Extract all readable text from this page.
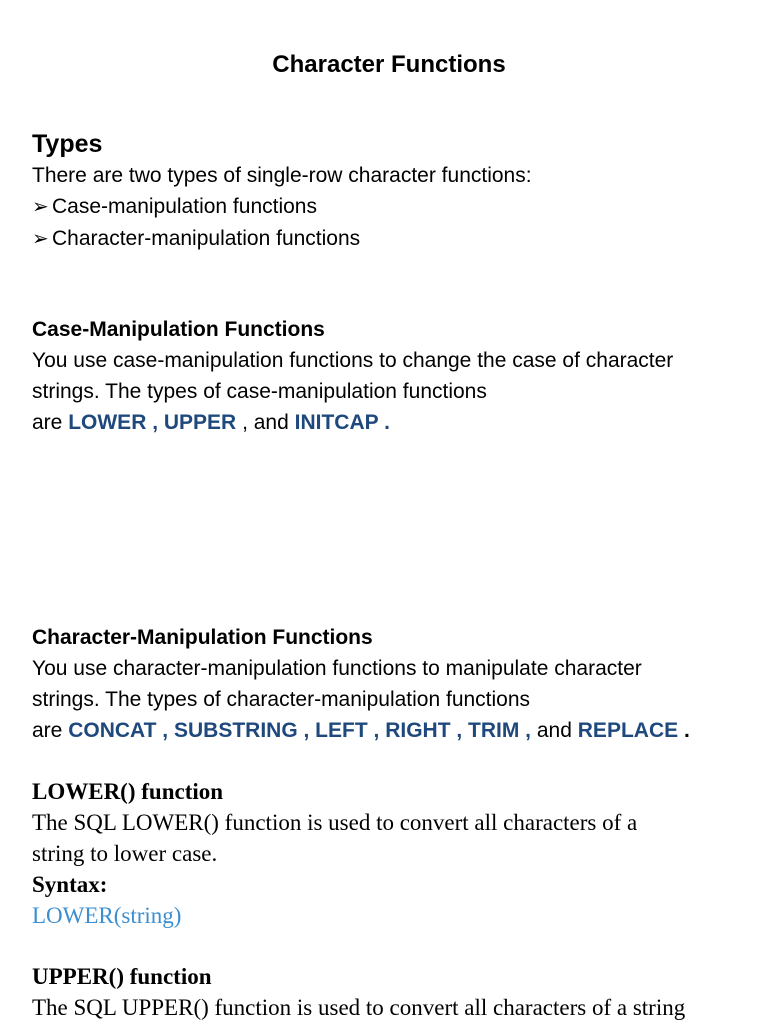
Character Functions
Types
There are two types of single-row character functions:
➢ Case-manipulation functions
➢ Character-manipulation functions
Case-Manipulation Functions
You use case-manipulation functions to change the case of character
strings. The types of case-manipulation functions
are LOWER , UPPER , and INITCAP .
Character-Manipulation Functions
You use character-manipulation functions to manipulate character
strings. The types of character-manipulation functions
are CONCAT , SUBSTRING , LEFT , RIGHT , TRIM , and REPLACE .
LOWER() function
The SQL LOWER() function is used to convert all characters of a
string to lower case.
Syntax:
LOWER(string)
UPPER() function
The SQL UPPER() function is used to convert all characters of a string
